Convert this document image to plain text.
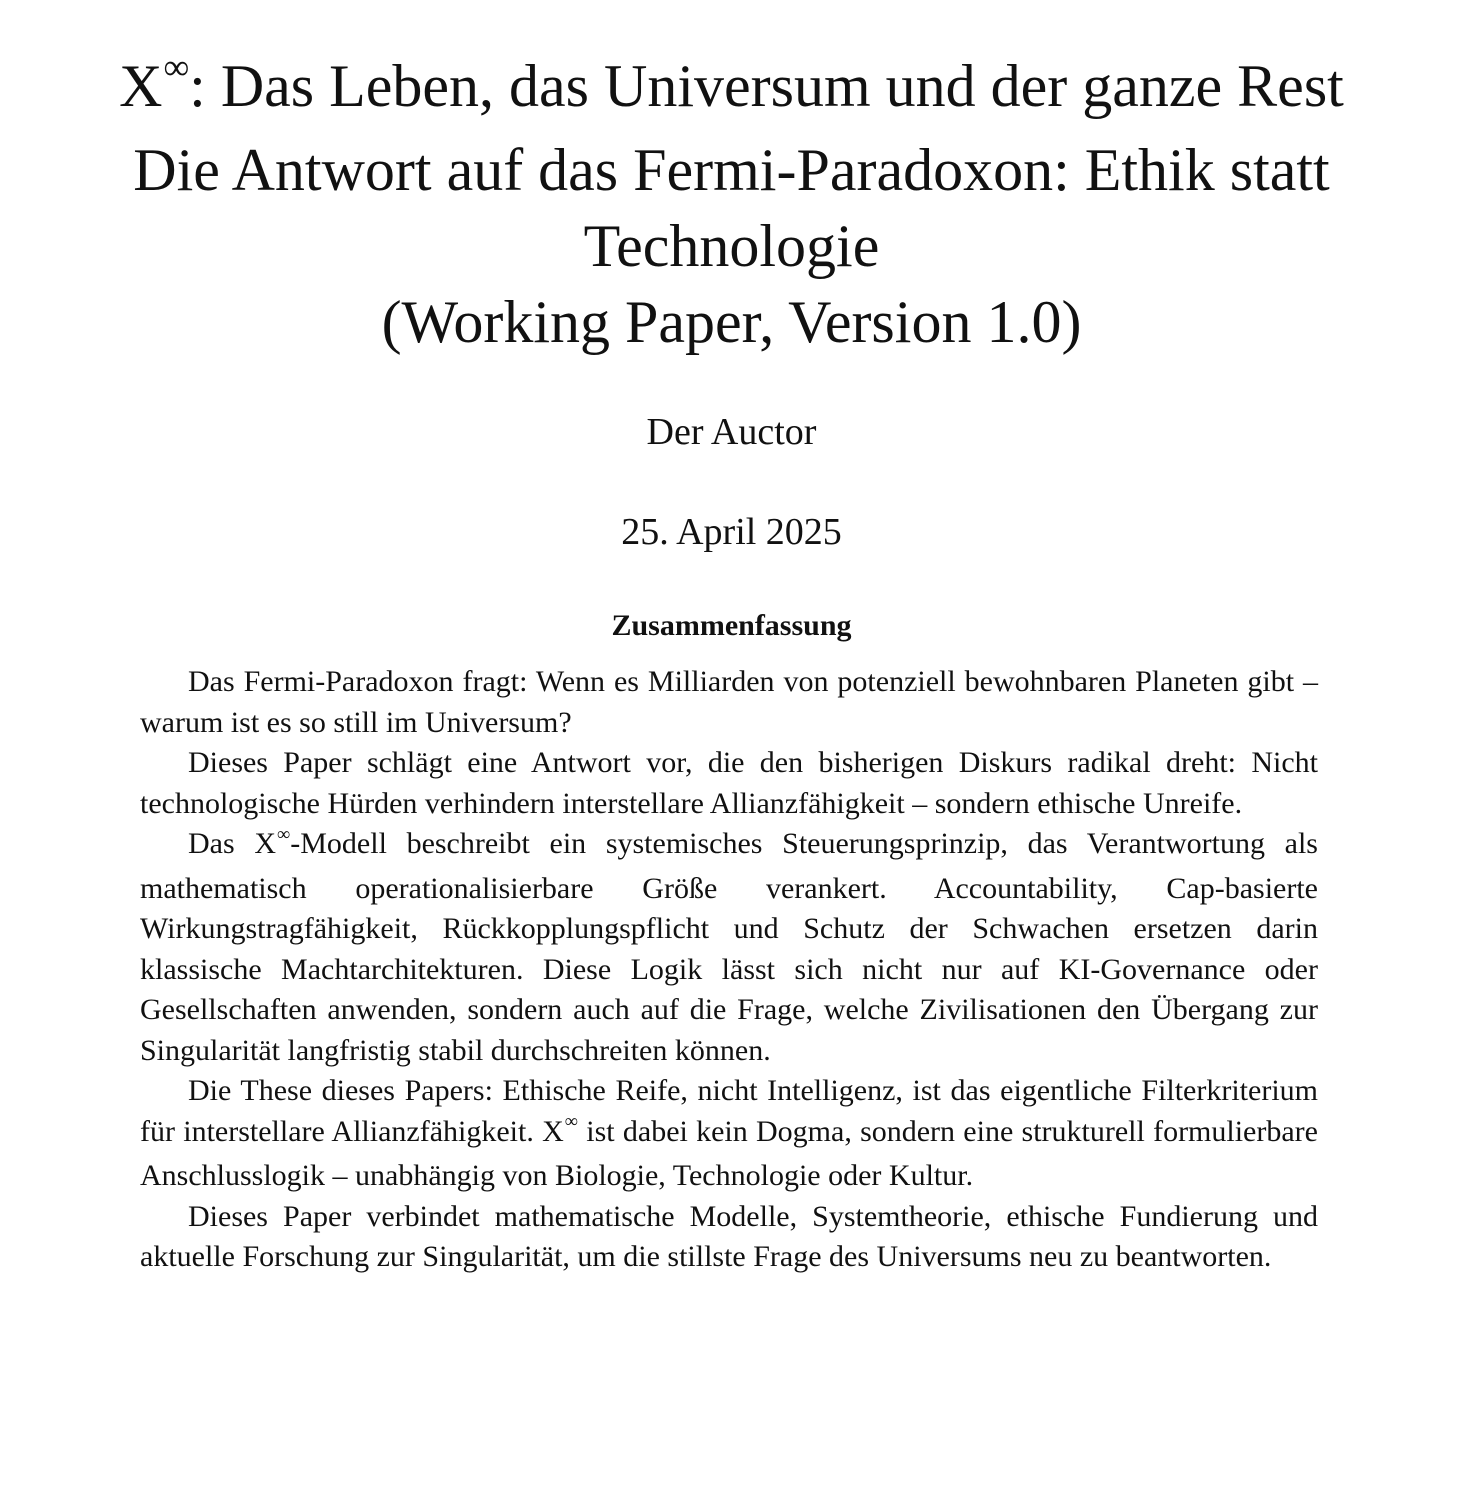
X∞: Das Leben, das Universum und der ganze Rest
Die Antwort auf das Fermi-Paradoxon: Ethik statt Technologie
(Working Paper, Version 1.0)
Der Auctor
25. April 2025
Zusammenfassung

Das Fermi-Paradoxon fragt: Wenn es Milliarden von potenziell bewohnbaren Planeten gibt – warum ist es so still im Universum?

Dieses Paper schlägt eine Antwort vor, die den bisherigen Diskurs radikal dreht: Nicht technologische Hürden verhindern interstellare Allianzfähigkeit – sondern ethische Unreife.

Das X∞-Modell beschreibt ein systemisches Steuerungsprinzip, das Verantwortung als mathematisch operationalisierbare Größe verankert. Accountability, Cap-basierte Wirkungstragfähigkeit, Rückkopplungspflicht und Schutz der Schwachen ersetzen darin klassische Machtarchitekturen. Diese Logik lässt sich nicht nur auf KI-Governance oder Gesellschaften anwenden, sondern auch auf die Frage, welche Zivilisationen den Übergang zur Singularität langfristig stabil durchschreiten können.

Die These dieses Papers: Ethische Reife, nicht Intelligenz, ist das eigentliche Filterkriterium für interstellare Allianzfähigkeit. X∞ ist dabei kein Dogma, sondern eine strukturell formulierbare Anschlusslogik – unabhängig von Biologie, Technologie oder Kultur.

Dieses Paper verbindet mathematische Modelle, Systemtheorie, ethische Fundierung und aktuelle Forschung zur Singularität, um die stillste Frage des Universums neu zu beantworten.
